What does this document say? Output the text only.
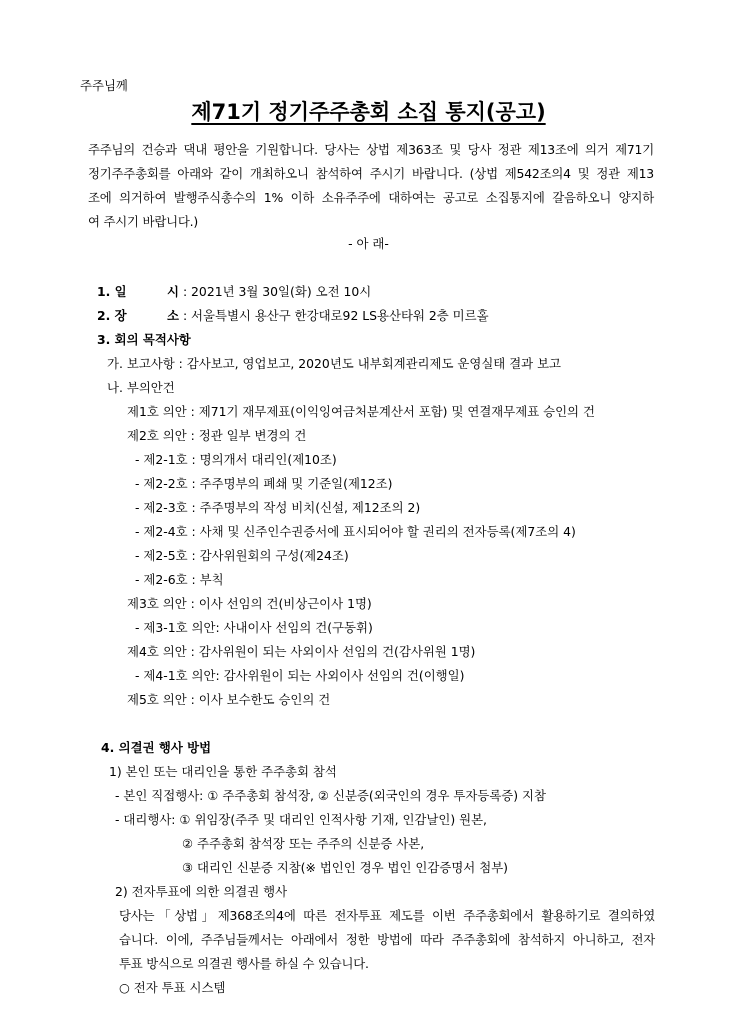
주주님께
제71기 정기주주총회 소집 통지(공고)
주주님의 건승과 댁내 평안을 기원합니다. 당사는 상법 제363조 및 당사 정관 제13조에 의거 제71기
정기주주총회를 아래와 같이 개최하오니 참석하여 주시기 바랍니다. (상법 제542조의4 및 정관 제13
조에 의거하여 발행주식총수의 1% 이하 소유주주에 대하여는 공고로 소집통지에 갈음하오니 양지하
여 주시기 바랍니다.)
- 아 래-
1. 일	시 : 2021년 3월 30일(화) 오전 10시
2. 장	소 : 서울특별시 용산구 한강대로92 LS용산타워 2층 미르홀
3. 회의 목적사항
가. 보고사항 : 감사보고, 영업보고, 2020년도 내부회계관리제도 운영실태 결과 보고
나. 부의안건
제1호 의안 : 제71기 재무제표(이익잉여금처분계산서 포함) 및 연결재무제표 승인의 건
제2호 의안 : 정관 일부 변경의 건
- 제2-1호 : 명의개서 대리인(제10조)
- 제2-2호 : 주주명부의 폐쇄 및 기준일(제12조)
- 제2-3호 : 주주명부의 작성 비치(신설, 제12조의 2)
- 제2-4호 : 사채 및 신주인수권증서에 표시되어야 할 권리의 전자등록(제7조의 4)
- 제2-5호 : 감사위원회의 구성(제24조)
- 제2-6호 : 부칙
제3호 의안 : 이사 선임의 건(비상근이사 1명)
- 제3-1호 의안: 사내이사 선임의 건(구동휘)
제4호 의안 : 감사위원이 되는 사외이사 선임의 건(감사위원 1명)
- 제4-1호 의안: 감사위원이 되는 사외이사 선임의 건(이행일)
제5호 의안 : 이사 보수한도 승인의 건
4. 의결권 행사 방법
1) 본인 또는 대리인을 통한 주주총회 참석
- 본인 직접행사: ① 주주총회 참석장, ② 신분증(외국인의 경우 투자등록증) 지참
- 대리행사: ① 위임장(주주 및 대리인 인적사항 기재, 인감날인) 원본,
② 주주총회 참석장 또는 주주의 신분증 사본,
③ 대리인 신분증 지참(※ 법인인 경우 법인 인감증명서 첨부)
2) 전자투표에 의한 의결권 행사
당사는「상법」제368조의4에 따른 전자투표 제도를 이번 주주총회에서 활용하기로 결의하였
습니다. 이에, 주주님들께서는 아래에서 정한 방법에 따라 주주총회에 참석하지 아니하고, 전자
투표 방식으로 의결권 행사를 하실 수 있습니다.
○ 전자 투표 시스템
